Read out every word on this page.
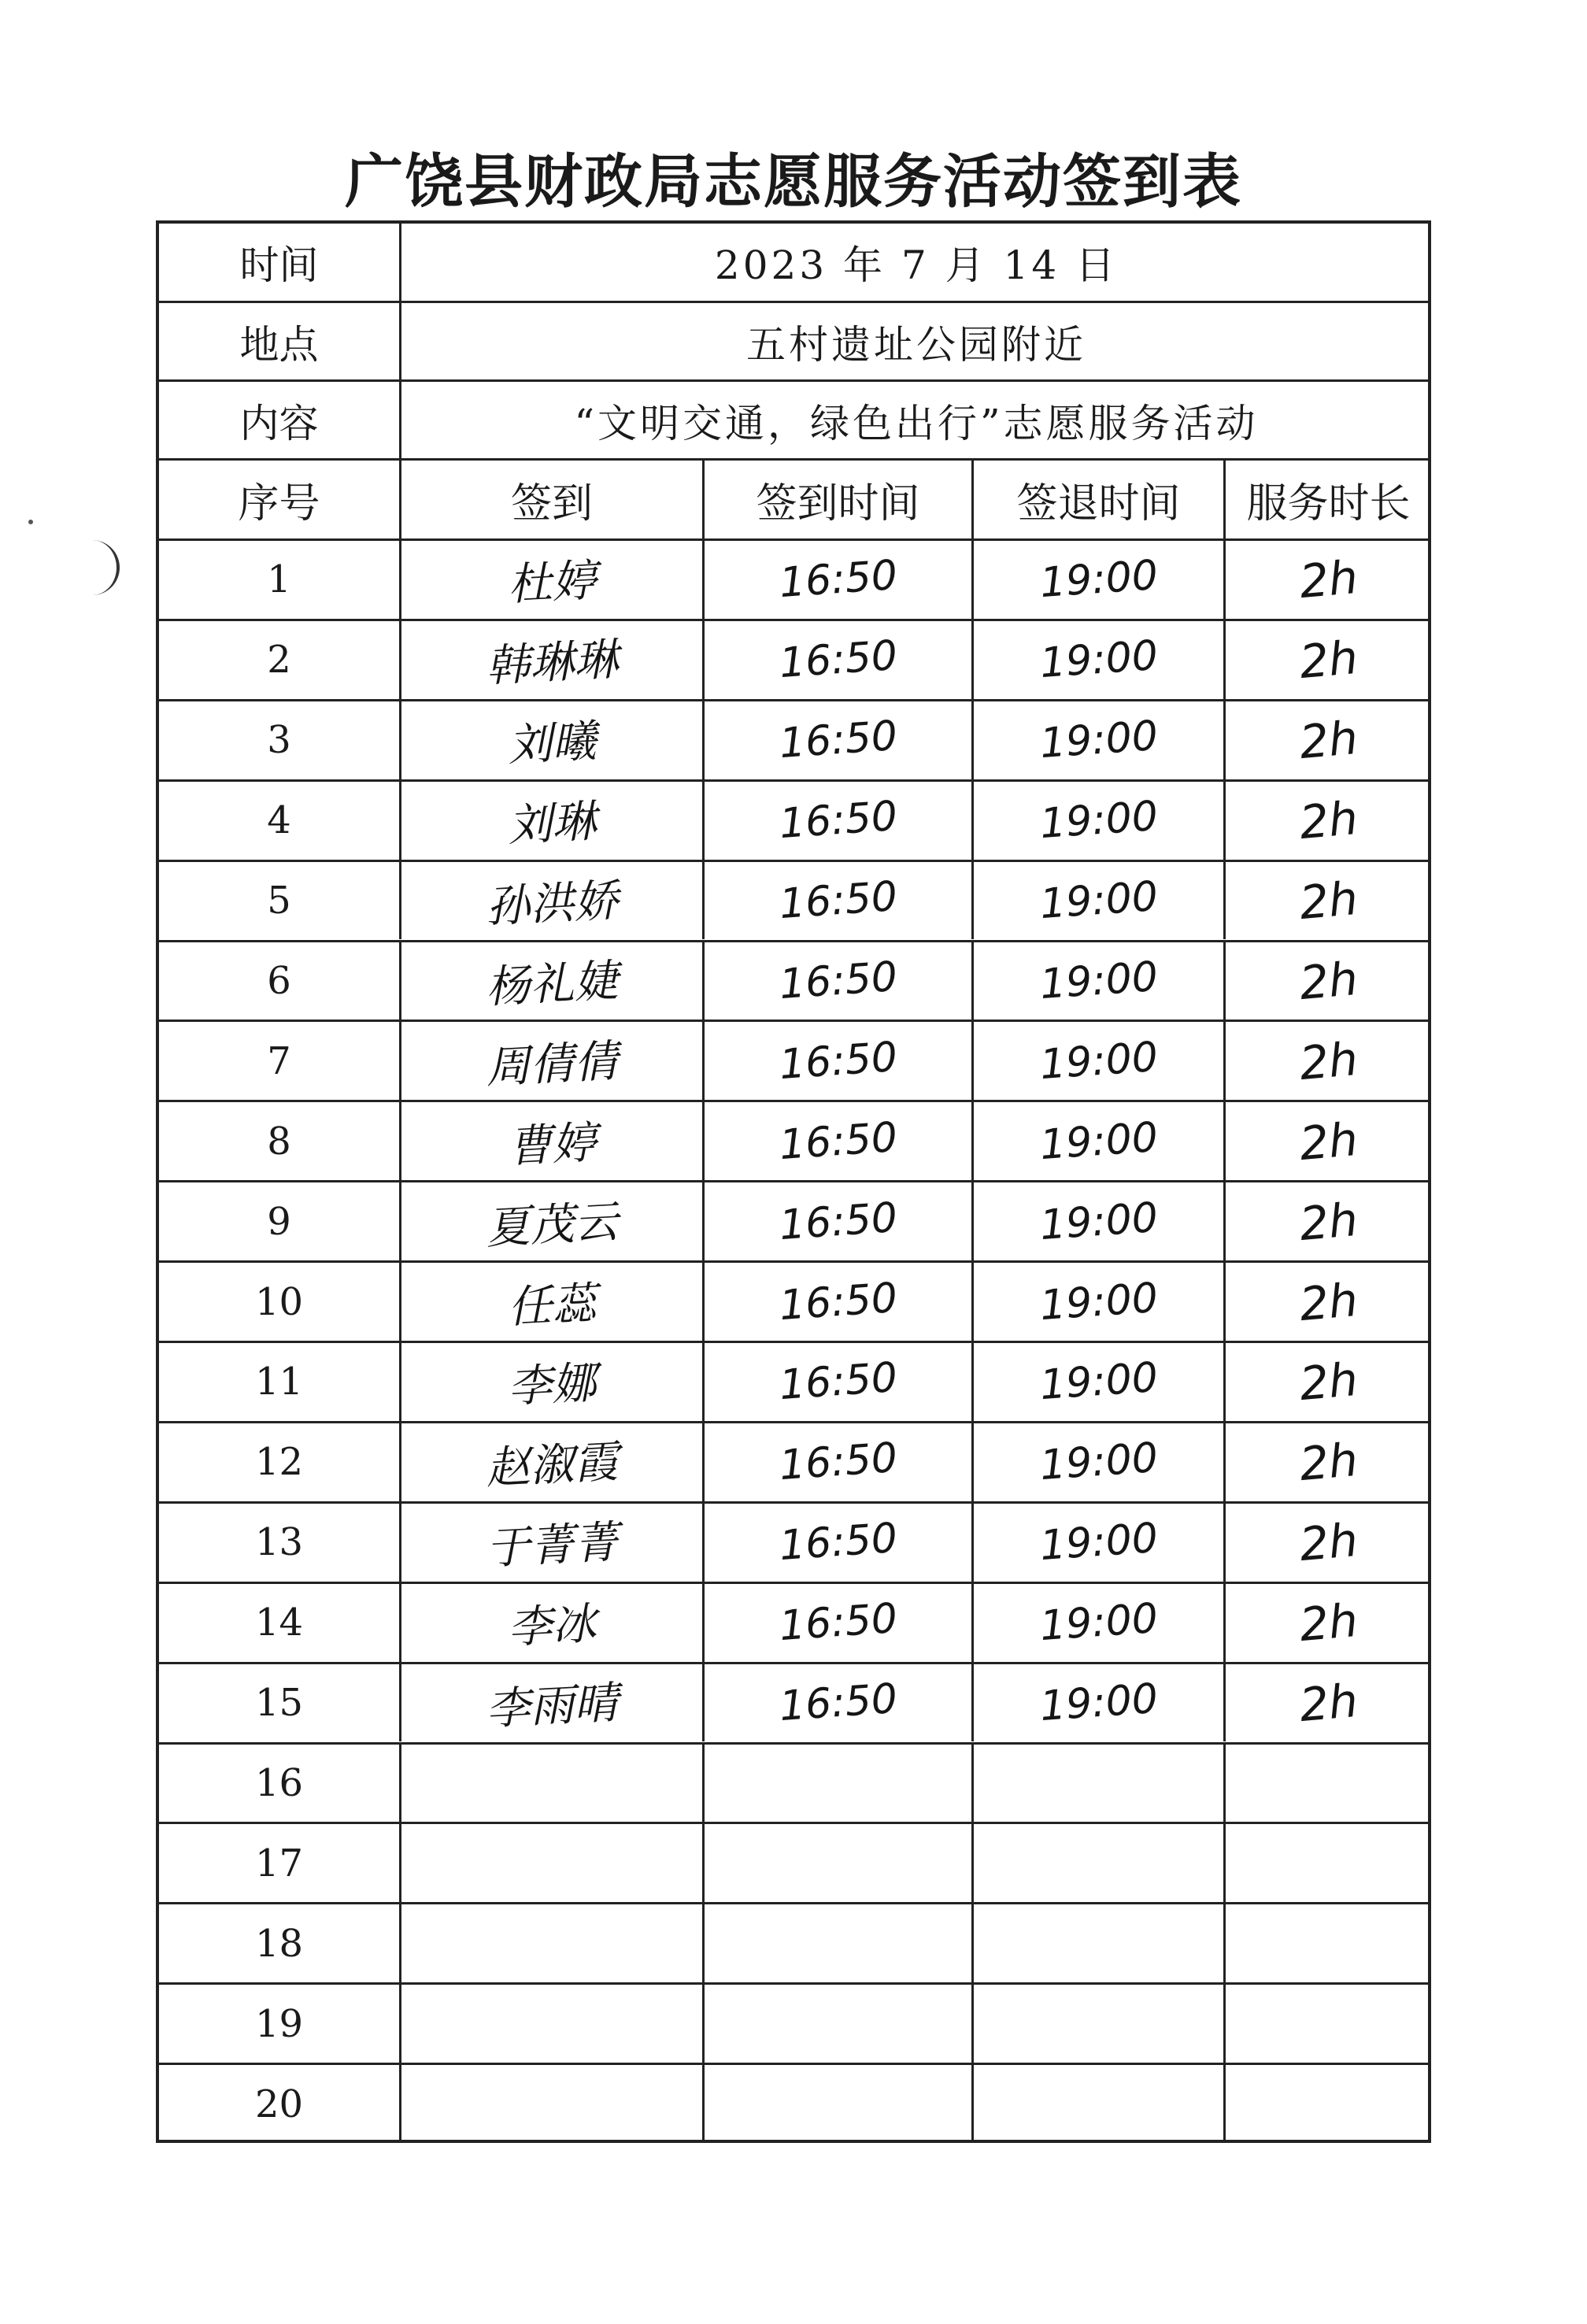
广饶县财政局志愿服务活动签到表
时间	2023 年 7 月 14 日
地点	五村遗址公园附近
内容	“文明交通，绿色出行”志愿服务活动
序号	签到	签到时间	签退时间	服务时长
1	杜婷	16:50	19:00	2h
2	韩琳琳	16:50	19:00	2h
3	刘曦	16:50	19:00	2h
4	刘琳	16:50	19:00	2h
5	孙洪娇	16:50	19:00	2h
6	杨礼婕	16:50	19:00	2h
7	周倩倩	16:50	19:00	2h
8	曹婷	16:50	19:00	2h
9	夏茂云	16:50	19:00	2h
10	任蕊	16:50	19:00	2h
11	李娜	16:50	19:00	2h
12	赵溆霞	16:50	19:00	2h
13	于菁菁	16:50	19:00	2h
14	李冰	16:50	19:00	2h
15	李雨晴	16:50	19:00	2h
16
17
18
19
20
